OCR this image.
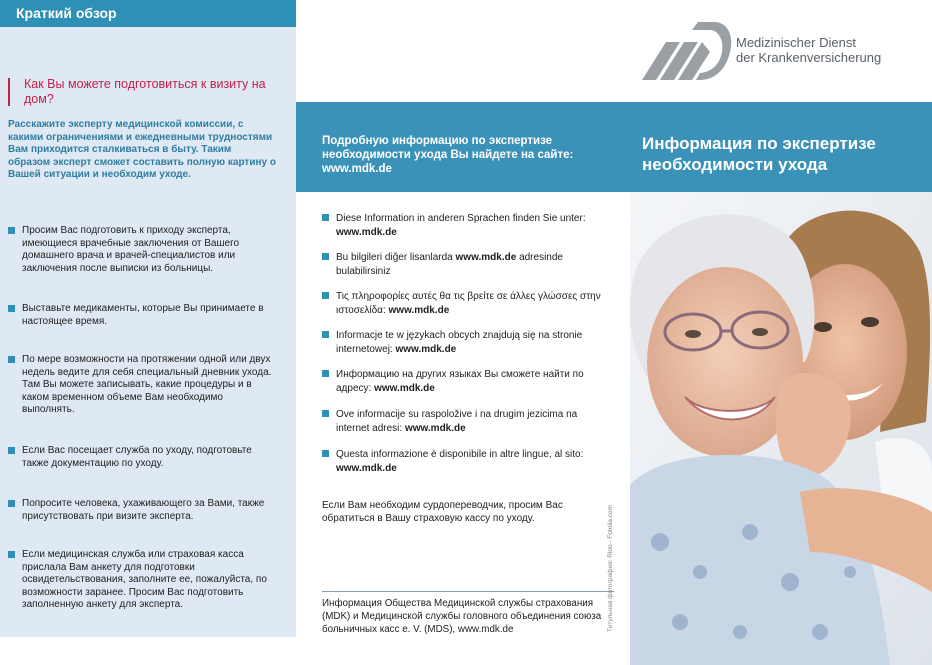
Краткий обзор
Как Вы можете подготовиться к визиту на дом?
Расскажите эксперту медицинской комиссии, с какими ограничениями и ежедневными трудностями Вам приходится сталкиваться в быту. Таким образом эксперт сможет составить полную картину о Вашей ситуации и необходим уходе.
Просим Вас подготовить к приходу эксперта, имеющиеся врачебные заключения от Вашего домашнего врача и врачей-специалистов или заключения после выписки из больницы.
Выставьте медикаменты, которые Вы принимаете в настоящее время.
По мере возможности на протяжении одной или двух недель ведите для себя специальный дневник ухода. Там Вы можете записывать, какие процедуры и в каком временном объеме Вам необходимо выполнять.
Если Вас посещает служба по уходу, подготовьте также документацию по уходу.
Попросите человека, ухаживающего за Вами, также присутствовать при визите эксперта.
Если медицинская служба или страховая касса прислала Вам анкету для подготовки освидетельствования, заполните ее, пожалуйста, по возможности заранее. Просим Вас подготовить заполненную анкету для эксперта.
Подробную информацию по экспертизе необходимости ухода Вы найдете на сайте: www.mdk.de
Diese Information in anderen Sprachen finden Sie unter:
www.mdk.de
Bu bilgileri diğer lisanlarda www.mdk.de adresinde bulabilirsiniz
Τις πληροφορίες αυτές θα τις βρείτε σε άλλες γλώσσες στην ιστοσελίδα: www.mdk.de
Informacje te w językach obcych znajdują się na stronie internetowej: www.mdk.de
Информацию на других языках Вы сможете найти по адресу: www.mdk.de
Ove informacije su raspoložive i na drugim jezicima na internet adresi: www.mdk.de
Questa informazione è disponibile in altre lingue, al sito: www.mdk.de
Если Вам необходим сурдопереводчик, просим Вас обратиться в Вашу страховую кассу по уходу.
Информация Общества Медицинской службы страхования (MDK) и Медицинской службы головного объединения союза больничных касс e. V. (MDS), www.mdk.de
Medizinischer Dienst
der Krankenversicherung
Информация по экспертизе необходимости ухода
Титульная фотография: Rido - Fotolia.com
